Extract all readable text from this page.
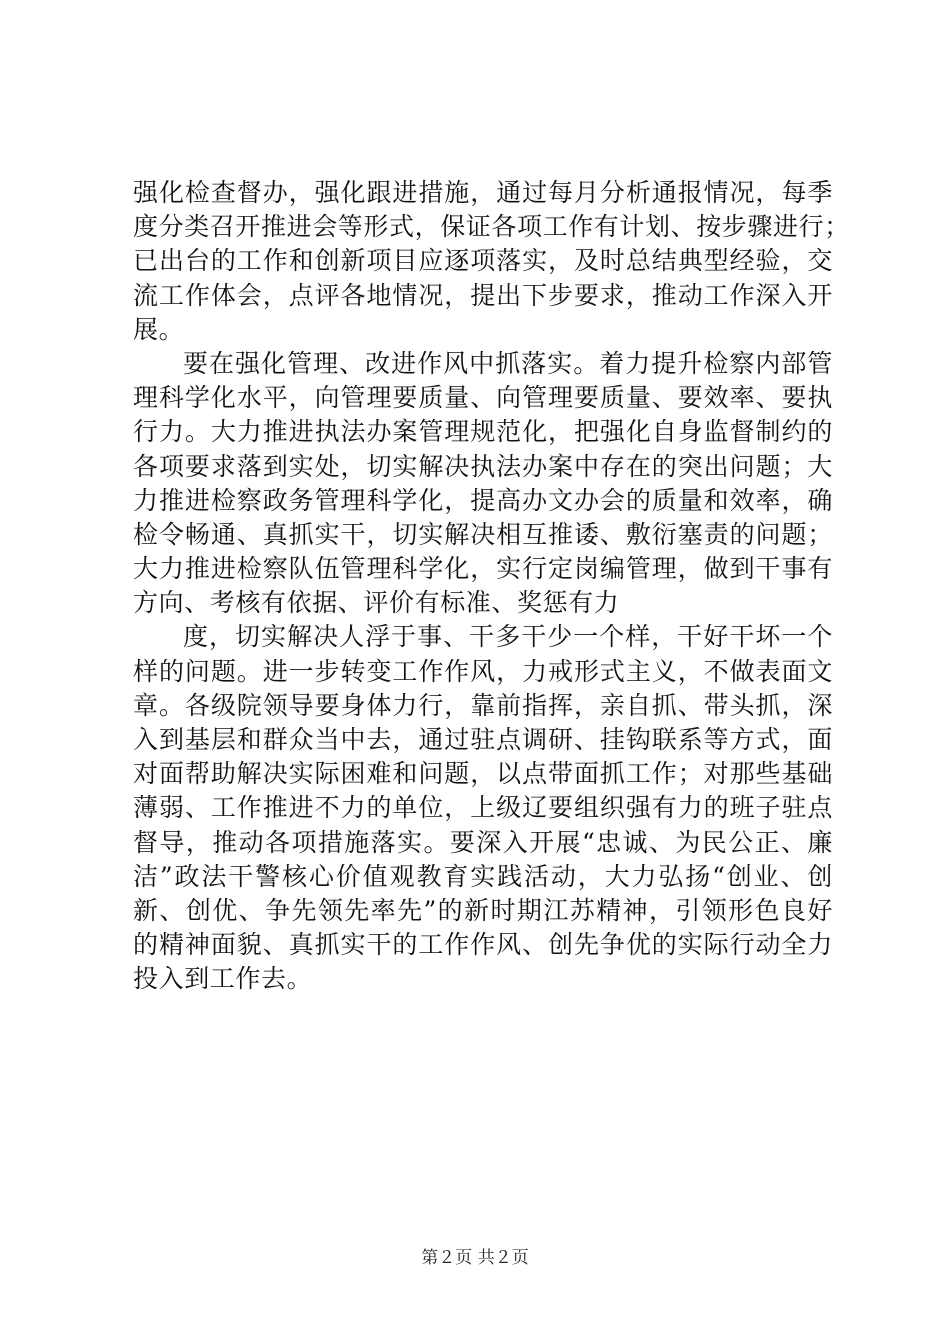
强化检查督办，强化跟进措施，通过每月分析通报情况，每季
度分类召开推进会等形式，保证各项工作有计划、按步骤进行；
已出台的工作和创新项目应逐项落实，及时总结典型经验，交
流工作体会，点评各地情况，提出下步要求，推动工作深入开
展。
要在强化管理、改进作风中抓落实。着力提升检察内部管
理科学化水平，向管理要质量、向管理要质量、要效率、要执
行力。大力推进执法办案管理规范化，把强化自身监督制约的
各项要求落到实处，切实解决执法办案中存在的突出问题；大
力推进检察政务管理科学化，提高办文办会的质量和效率，确
检令畅通、真抓实干，切实解决相互推诿、敷衍塞责的问题；
大力推进检察队伍管理科学化，实行定岗编管理，做到干事有
方向、考核有依据、评价有标准、奖惩有力
度，切实解决人浮于事、干多干少一个样，干好干坏一个
样的问题。进一步转变工作作风，力戒形式主义，不做表面文
章。各级院领导要身体力行，靠前指挥，亲自抓、带头抓，深
入到基层和群众当中去，通过驻点调研、挂钩联系等方式，面
对面帮助解决实际困难和问题，以点带面抓工作；对那些基础
薄弱、工作推进不力的单位，上级辽要组织强有力的班子驻点
督导，推动各项措施落实。要深入开展“忠诚、为民公正、廉
洁”政法干警核心价值观教育实践活动，大力弘扬“创业、创
新、创优、争先领先率先”的新时期江苏精神，引领形色良好
的精神面貌、真抓实干的工作作风、创先争优的实际行动全力
投入到工作去。
第２页 共２页
